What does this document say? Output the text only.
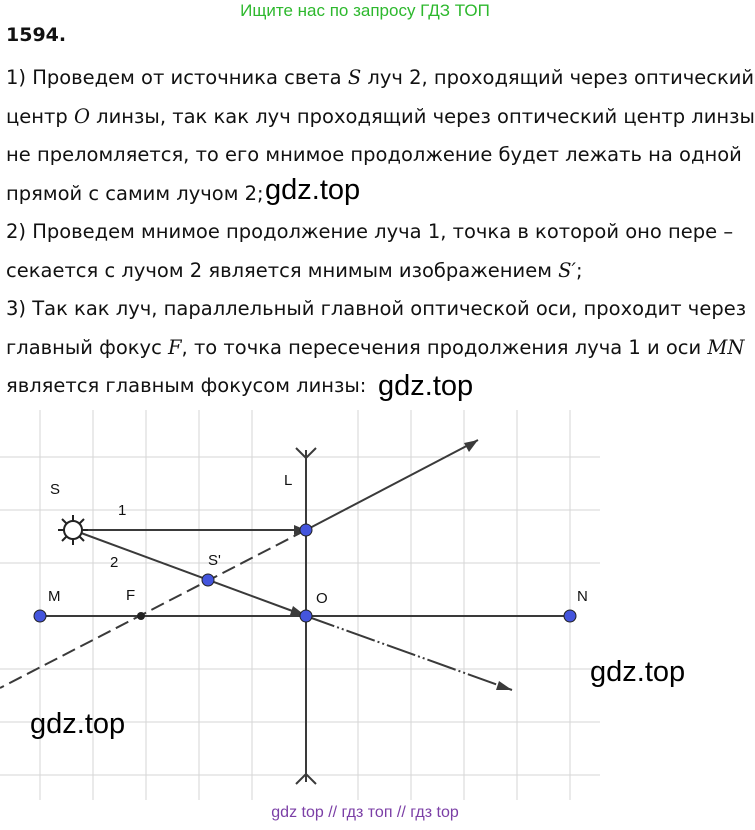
Ищите нас по запросу ГДЗ ТОП
1594.
1) Проведем от источника света S луч 2, проходящий через оптический
центр O линзы, так как луч проходящий через оптический центр линзы
не преломляется, то его мнимое продолжение будет лежать на одной
прямой с самим лучом 2;
2) Проведем мнимое продолжение луча 1, точка в которой оно пере –
секается с лучом 2 является мнимым изображением S′;
3) Так как луч, параллельный главной оптической оси, проходит через
главный фокус F, то точка пересечения продолжения луча 1 и оси MN
является главным фокусом линзы:
gdz.top
gdz.top
S
L
1
2	S'
M	F	O	N
gdz.top
gdz.top
gdz top // гдз топ // гдз top
